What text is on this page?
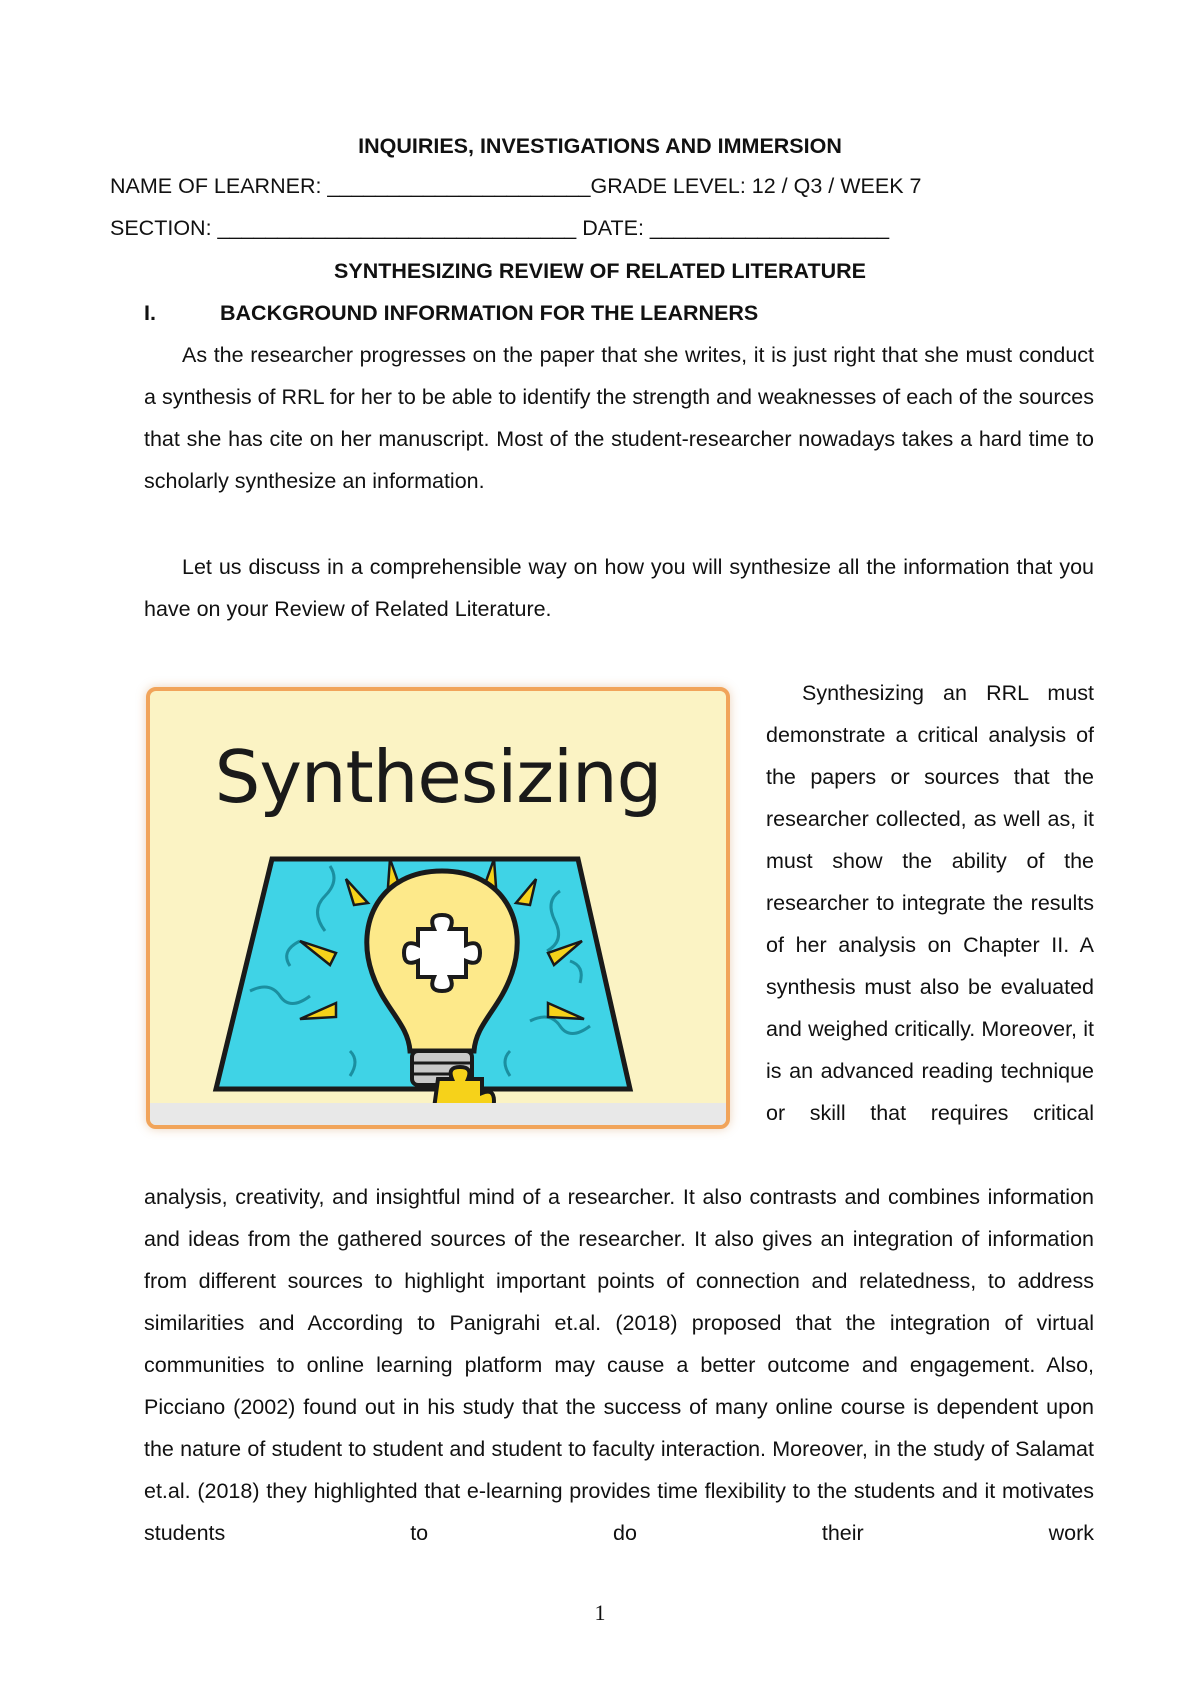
INQUIRIES, INVESTIGATIONS AND IMMERSION
NAME OF LEARNER: ______________________GRADE LEVEL: 12 / Q3 / WEEK 7
SECTION: ______________________________ DATE: ____________________
SYNTHESIZING REVIEW OF RELATED LITERATURE
I.	BACKGROUND INFORMATION FOR THE LEARNERS

As the researcher progresses on the paper that she writes, it is just right that she must conduct a synthesis of RRL for her to be able to identify the strength and weaknesses of each of the sources that she has cite on her manuscript. Most of the student-researcher nowadays takes a hard time to scholarly synthesize an information.

Let us discuss in a comprehensible way on how you will synthesize all the information that you have on your Review of Related Literature.

Synthesizing

Synthesizing an RRL must demonstrate a critical analysis of the papers or sources that the researcher collected, as well as, it must show the ability of the researcher to integrate the results of her analysis on Chapter II. A synthesis must also be evaluated and weighed critically. Moreover, it is an advanced reading technique or skill that requires critical

analysis, creativity, and insightful mind of a researcher. It also contrasts and combines information and ideas from the gathered sources of the researcher. It also gives an integration of information from different sources to highlight important points of connection and relatedness, to address similarities and According to Panigrahi et.al. (2018) proposed that the integration of virtual communities to online learning platform may cause a better outcome and engagement. Also, Picciano (2002) found out in his study that the success of many online course is dependent upon the nature of student to student and student to faculty interaction. Moreover, in the study of Salamat et.al. (2018) they highlighted that e-learning provides time flexibility to the students and it motivates students to do their work

1
